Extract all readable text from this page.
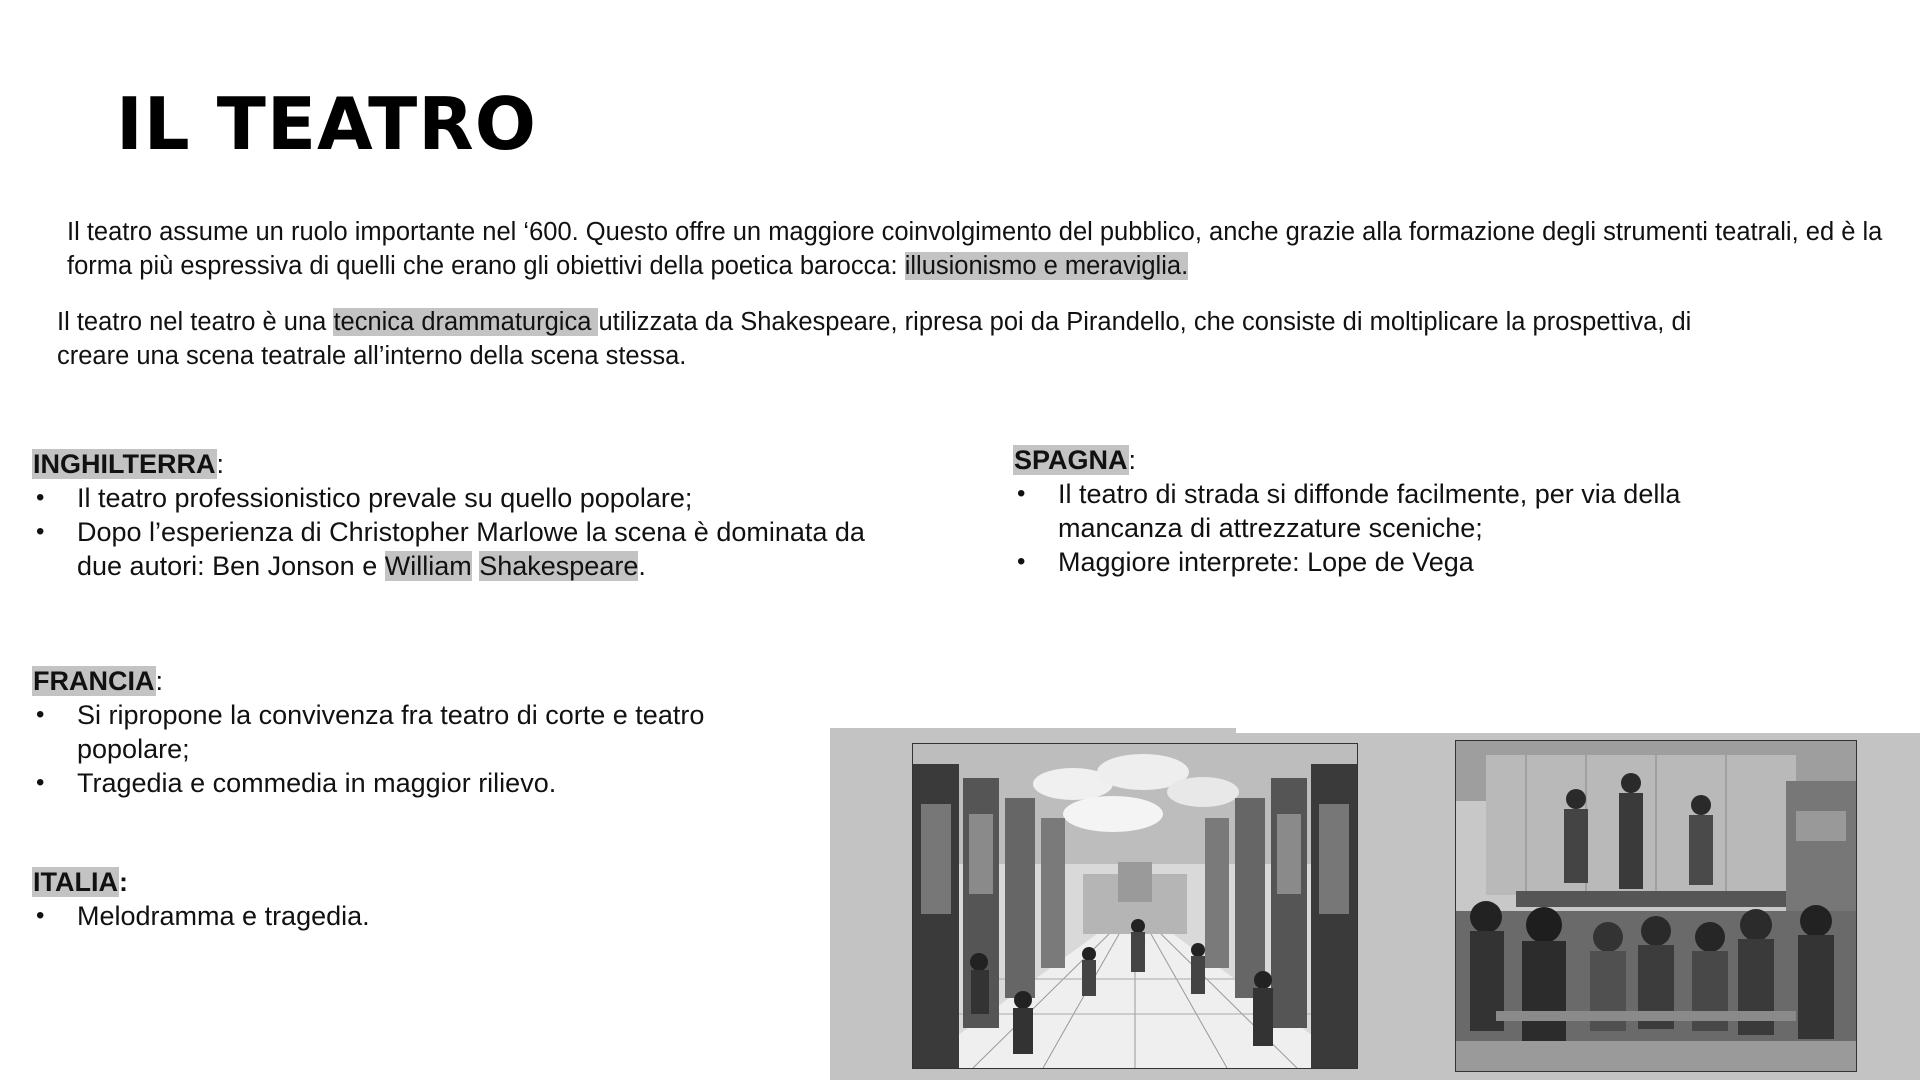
IL TEATRO

Il teatro assume un ruolo importante nel ‘600. Questo offre un maggiore coinvolgimento del pubblico, anche grazie alla formazione degli strumenti teatrali, ed è la forma più espressiva di quelli che erano gli obiettivi della poetica barocca: illusionismo e meraviglia.

Il teatro nel teatro è una tecnica drammaturgica utilizzata da Shakespeare, ripresa poi da Pirandello, che consiste di moltiplicare la prospettiva, di creare una scena teatrale all’interno della scena stessa.

INGHILTERRA:
• Il teatro professionistico prevale su quello popolare;
• Dopo l’esperienza di Christopher Marlowe la scena è dominata da due autori: Ben Jonson e William Shakespeare.
SPAGNA:
• Il teatro di strada si diffonde facilmente, per via della mancanza di attrezzature sceniche;
• Maggiore interprete: Lope de Vega
FRANCIA:
• Si ripropone la convivenza fra teatro di corte e teatro popolare;
• Tragedia e commedia in maggior rilievo.
ITALIA:
• Melodramma e tragedia.
